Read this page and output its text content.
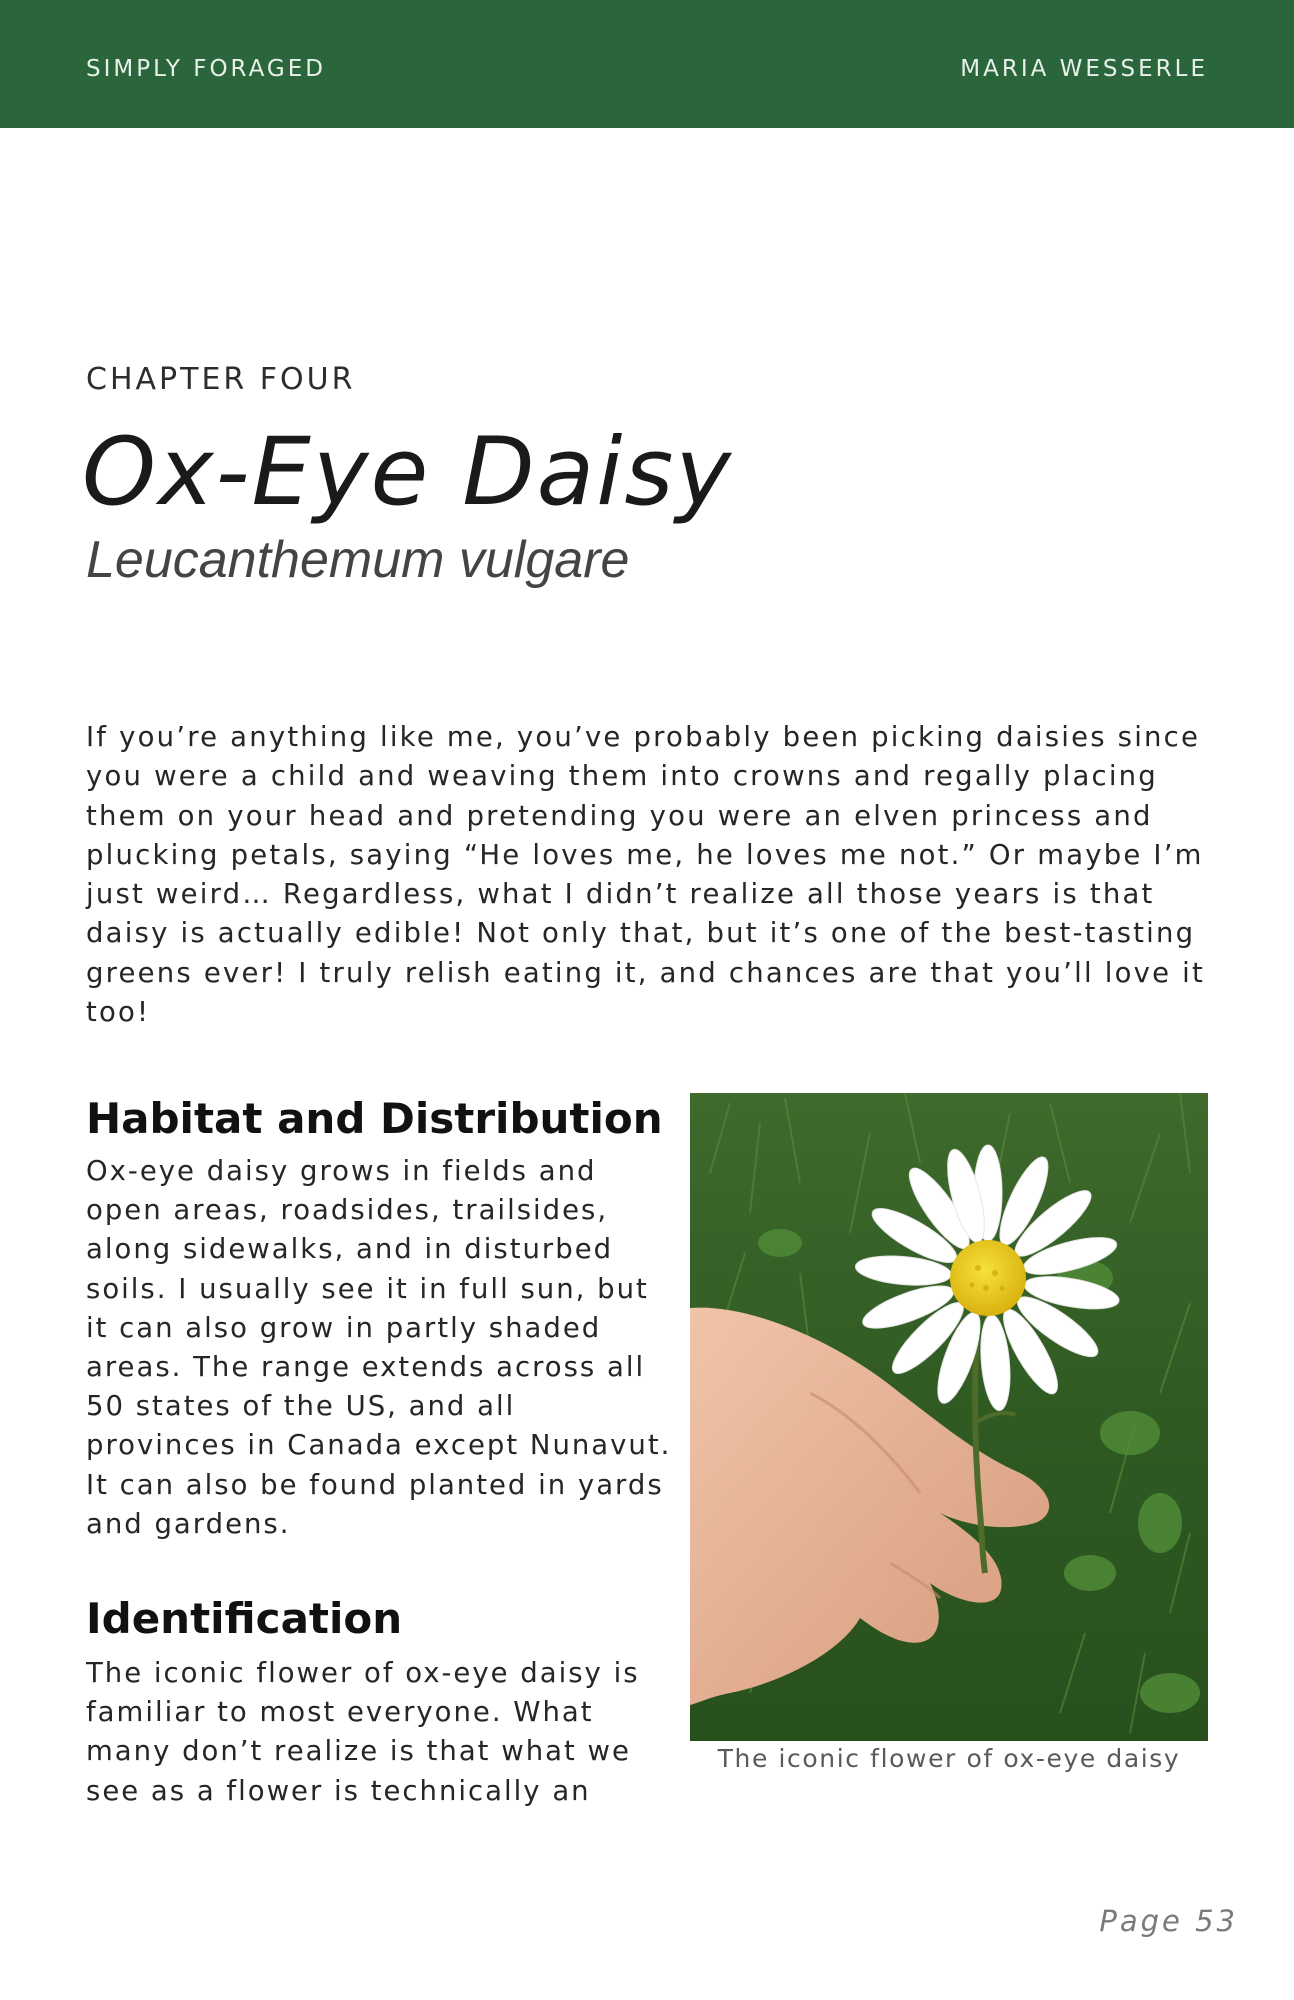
SIMPLY FORAGED	MARIA WESSERLE
CHAPTER FOUR
Ox-Eye Daisy
Leucanthemum vulgare

If you’re anything like me, you’ve probably been picking daisies since you were a child and weaving them into crowns and regally placing them on your head and pretending you were an elven princess and plucking petals, saying “He loves me, he loves me not.” Or maybe I’m just weird… Regardless, what I didn’t realize all those years is that daisy is actually edible! Not only that, but it’s one of the best-tasting greens ever! I truly relish eating it, and chances are that you’ll love it too!

Habitat and Distribution

Ox-eye daisy grows in fields and open areas, roadsides, trailsides, along sidewalks, and in disturbed soils. I usually see it in full sun, but it can also grow in partly shaded areas. The range extends across all 50 states of the US, and all provinces in Canada except Nunavut. It can also be found planted in yards and gardens.

Identification

The iconic flower of ox-eye daisy is familiar to most everyone. What many don’t realize is that what we see as a flower is technically an

The iconic flower of ox-eye daisy
Page 53
